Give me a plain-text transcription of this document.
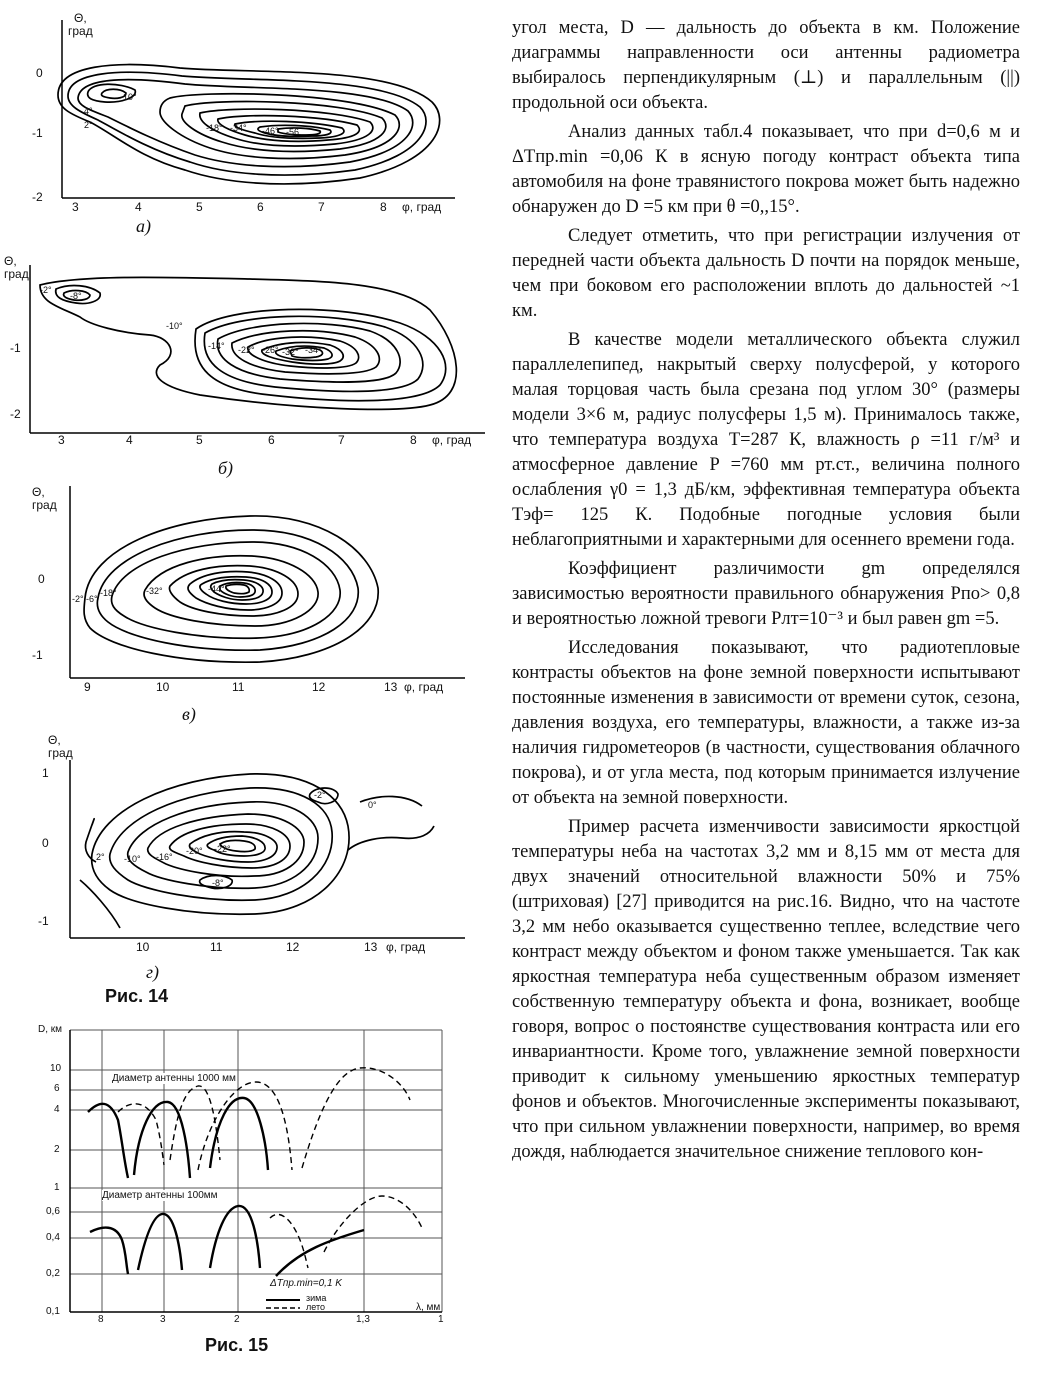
Θ,
град
0
-1
-2
3	4	5	6	7	8 φ, град
-10°
4°
2°	-18° -34° -46° -56
а)
Θ,
град
-1
-2
3	4	5	6	7	8 φ, град
-2°
-8°
-10°
-14° -22° -26° -32° -34°
б)
Θ,
град
0
-1
9	10	11	12	13 φ, град
-2° -6°
-18°	-32°	-44°
в)
Θ,
град
1
0
-1
10	11	12	13 φ, град
-2°
0°
2° -10° -16°
-20° -22°
-8°
г)
Рис. 14
D, км
10
6
4
2
1
0,6
0,4
0,2
0,1
8	3	2	1,3	1
λ, мм
Диаметр антенны 1000 мм
Диаметр антенны 100мм
ΔTпр.min=0,1 K
зима
лето
Рис. 15

угол места, D — дальность до объекта в км. Положение диаграммы направленности оси антенны радиометра выбиралось перпендикулярным (⊥) и параллельным (||) продольной оси объекта.

Анализ данных табл.4 показывает, что при d=0,6 м и ΔTпр.min =0,06 К в ясную погоду контраст объекта типа автомобиля на фоне травянистого покрова может быть надежно обнаружен до D =5 км при θ =0,,15°.

Следует отметить, что при регистрации излучения от передней части объекта дальность D почти на порядок меньше, чем при боковом его расположении вплоть до дальностей ~1 км.

В качестве модели металлического объекта служил параллелепипед, накрытый сверху полусферой, у которого малая торцовая часть была срезана под углом 30° (размеры модели 3×6 м, радиус полусферы 1,5 м). Принималось также, что температура воздуха T=287 К, влажность ρ =11 г/м³ и атмосферное давление P =760 мм рт.ст., величина полного ослабления γ0 = 1,3 дБ/км, эффективная температура объекта Tэф= 125 К. Подобные погодные условия были неблагоприятными и характерными для осеннего времени года.

Коэффициент различимости gm определялся зависимостью вероятности правильного обнаружения Pпо> 0,8 и вероятностью ложной тревоги Pлт=10⁻³ и был равен gm =5.

Исследования показывают, что радиотепловые контрасты объектов на фоне земной поверхности испытывают постоянные изменения в зависимости от времени суток, сезона, давления воздуха, его температуры, влажности, а также из-за наличия гидрометеоров (в частности, существования облачного покрова), и от угла места, под которым принимается излучение от объекта на земной поверхности.

Пример расчета изменчивости зависимости яркостцой температуры неба на частотах 3,2 мм и 8,15 мм от места для двух значений относительной влажности 50% и 75% (штриховая) [27] приводится на рис.16. Видно, что на частоте 3,2 мм небо оказывается существенно теплее, вследствие чего контраст между объектом и фоном также уменьшается. Так как яркостная температура неба существенным образом изменяет собственную температуру объекта и фона, возникает, вообще говоря, вопрос о постоянстве существования контраста или его инвариантности. Кроме того, увлажнение земной поверхности приводит к сильному уменьшению яркостных температур фонов и объектов. Многочисленные эксперименты показывают, что при сильном увлажнении поверхности, например, во время дождя, наблюдается значительное снижение теплового кон-
